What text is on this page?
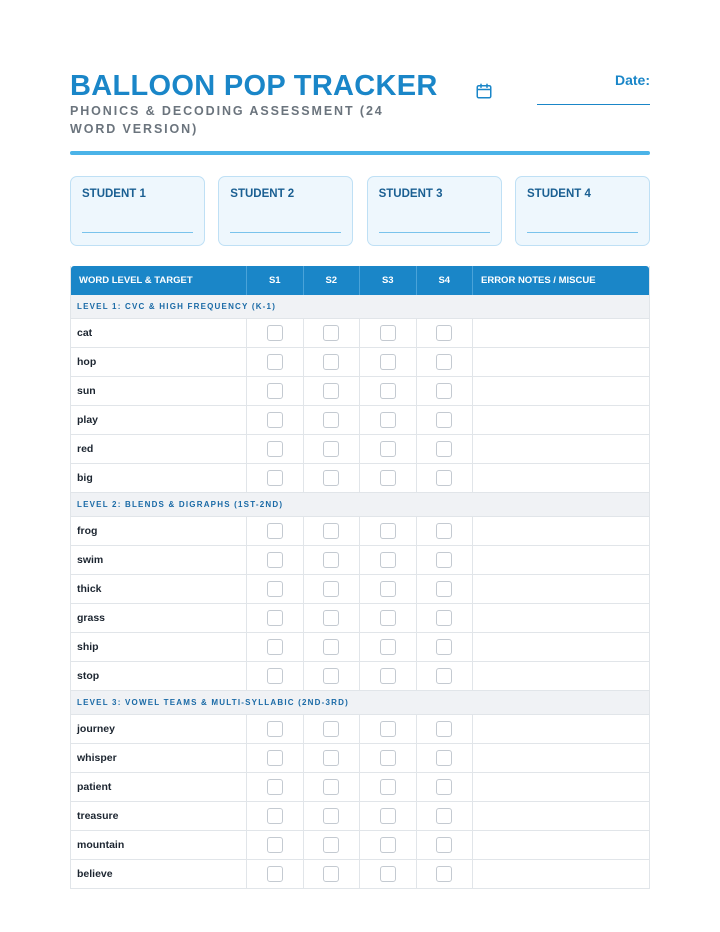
BALLOON POP TRACKER
PHONICS & DECODING ASSESSMENT (24 WORD VERSION)
Date:
STUDENT 1	STUDENT 2	STUDENT 3	STUDENT 4
WORD LEVEL & TARGET	S1	S2	S3	S4	ERROR NOTES / MISCUE
LEVEL 1: CVC & HIGH FREQUENCY (K-1)
cat
hop
sun
play
red
big
LEVEL 2: BLENDS & DIGRAPHS (1ST-2ND)
frog
swim
thick
grass
ship
stop
LEVEL 3: VOWEL TEAMS & MULTI-SYLLABIC (2ND-3RD)
journey
whisper
patient
treasure
mountain
believe
